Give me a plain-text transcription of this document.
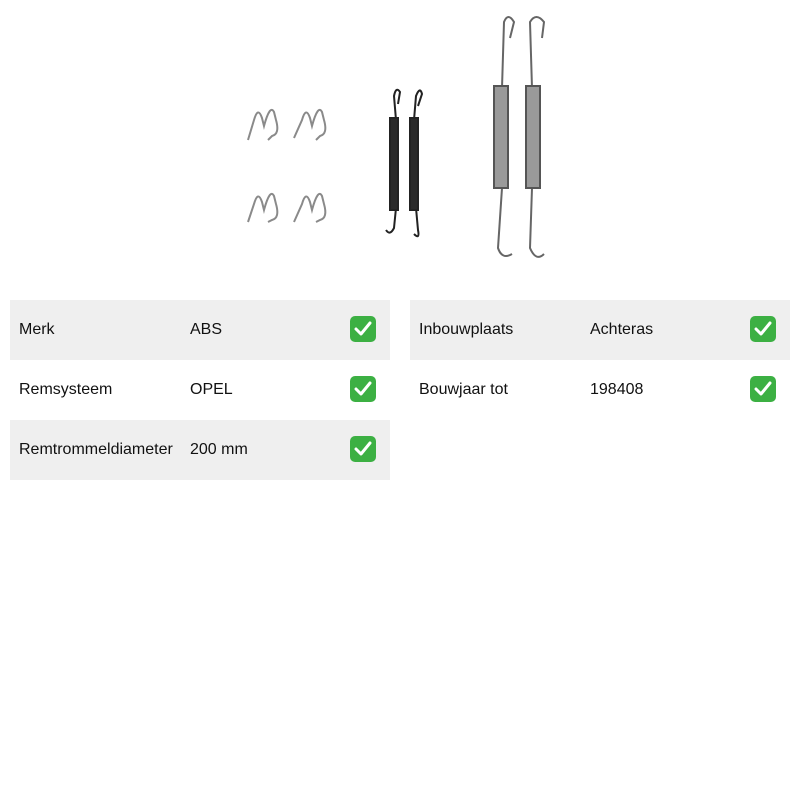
Merk	ABS
Remsysteem	OPEL
Remtrommeldiameter 200 mm
Inbouwplaats	Achteras
Bouwjaar tot	198408
